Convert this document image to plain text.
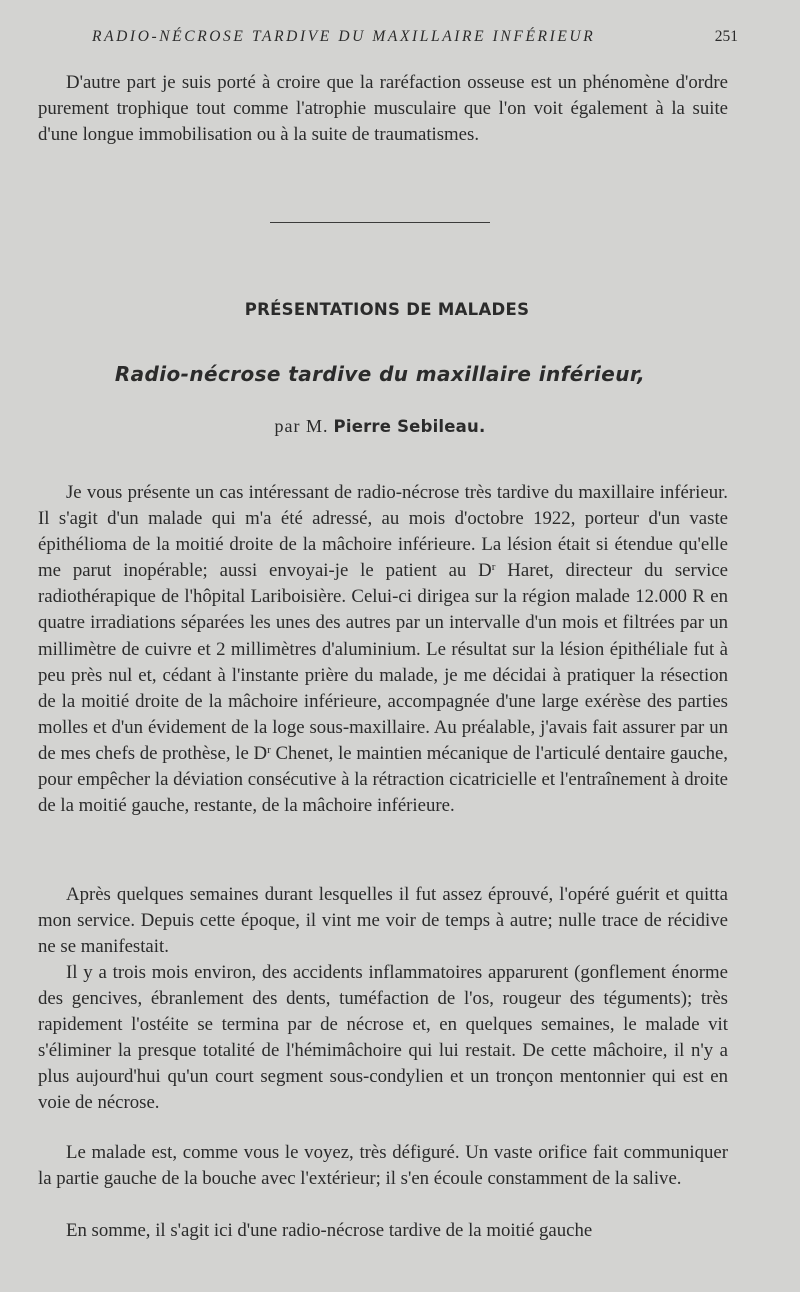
RADIO-NÉCROSE TARDIVE DU MAXILLAIRE INFÉRIEUR	251

D'autre part je suis porté à croire que la raréfaction osseuse est un phénomène d'ordre purement trophique tout comme l'atrophie musculaire que l'on voit également à la suite d'une longue immobilisation ou à la suite de traumatismes.

PRÉSENTATIONS DE MALADES
Radio-nécrose tardive du maxillaire inférieur,
par M. Pierre Sebileau.

Je vous présente un cas intéressant de radio-nécrose très tardive du maxillaire inférieur. Il s'agit d'un malade qui m'a été adressé, au mois d'octobre 1922, porteur d'un vaste épithélioma de la moitié droite de la mâchoire inférieure. La lésion était si étendue qu'elle me parut inopérable; aussi envoyai-je le patient au $D^r$ Haret, directeur du service radiothérapique de l'hôpital Lariboisière. Celui-ci dirigea sur la région malade 12.000 R en quatre irradiations séparées les unes des autres par un intervalle d'un mois et filtrées par un millimètre de cuivre et 2 millimètres d'aluminium. Le résultat sur la lésion épithéliale fut à peu près nul et, cédant à l'instante prière du malade, je me décidai à pratiquer la résection de la moitié droite de la mâchoire inférieure, accompagnée d'une large exérèse des parties molles et d'un évidement de la loge sous-maxillaire. Au préalable, j'avais fait assurer par un de mes chefs de prothèse, le $D^r$ Chenet, le maintien mécanique de l'articulé dentaire gauche, pour empêcher la déviation consécutive à la rétraction cicatricielle et l'entraînement à droite de la moitié gauche, restante, de la mâchoire inférieure.

Après quelques semaines durant lesquelles il fut assez éprouvé, l'opéré guérit et quitta mon service. Depuis cette époque, il vint me voir de temps à autre; nulle trace de récidive ne se manifestait.

Il y a trois mois environ, des accidents inflammatoires apparurent (gonflement énorme des gencives, ébranlement des dents, tuméfaction de l'os, rougeur des téguments); très rapidement l'ostéite se termina par de nécrose et, en quelques semaines, le malade vit s'éliminer la presque totalité de l'hémimâchoire qui lui restait. De cette mâchoire, il n'y a plus aujourd'hui qu'un court segment sous-condylien et un tronçon mentonnier qui est en voie de nécrose.

Le malade est, comme vous le voyez, très défiguré. Un vaste orifice fait communiquer la partie gauche de la bouche avec l'extérieur; il s'en écoule constamment de la salive.

En somme, il s'agit ici d'une radio-nécrose tardive de la moitié gauche
